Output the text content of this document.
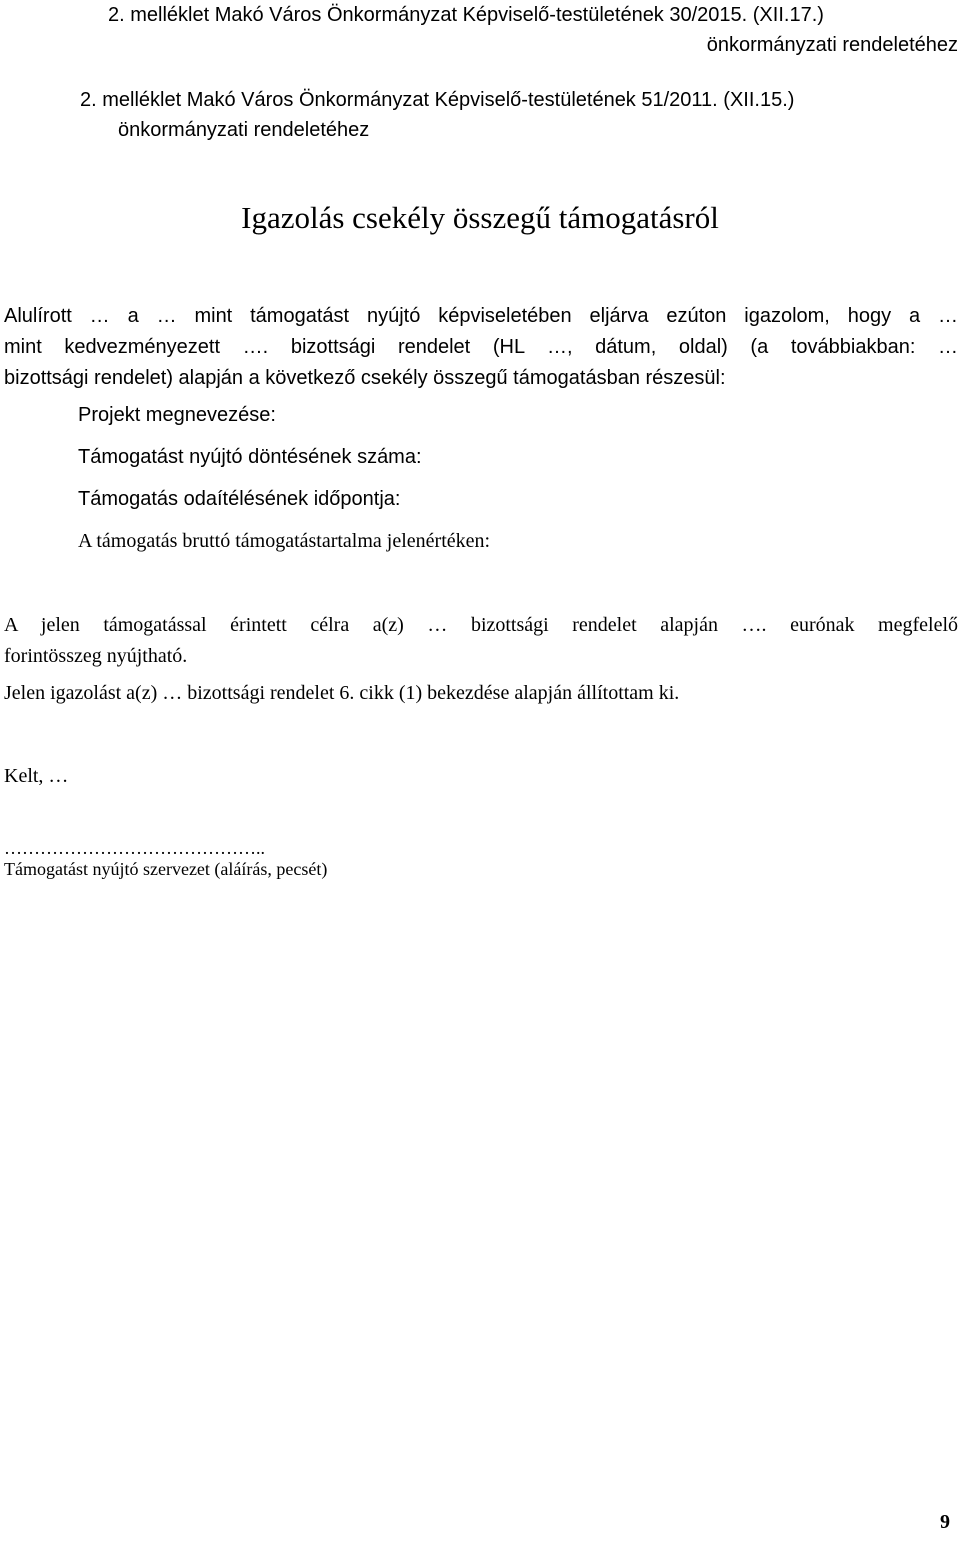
2. melléklet Makó Város Önkormányzat Képviselő-testületének 30/2015. (XII.17.)
önkormányzati rendeletéhez
2. melléklet Makó Város Önkormányzat Képviselő-testületének 51/2011. (XII.15.)
önkormányzati rendeletéhez
Igazolás csekély összegű támogatásról
Alulírott … a … mint támogatást nyújtó képviseletében eljárva ezúton igazolom, hogy a …
mint kedvezményezett …. bizottsági rendelet (HL …, dátum, oldal) (a továbbiakban: …
bizottsági rendelet) alapján a következő csekély összegű támogatásban részesül:
Projekt megnevezése:
Támogatást nyújtó döntésének száma:
Támogatás odaítélésének időpontja:
A támogatás bruttó támogatástartalma jelenértéken:
A jelen támogatással érintett célra a(z) … bizottsági rendelet alapján …. eurónak megfelelő
forintösszeg nyújtható.
Jelen igazolást a(z) … bizottsági rendelet 6. cikk (1) bekezdése alapján állítottam ki.
Kelt, …
……………………………………..
Támogatást nyújtó szervezet (aláírás, pecsét)
9
